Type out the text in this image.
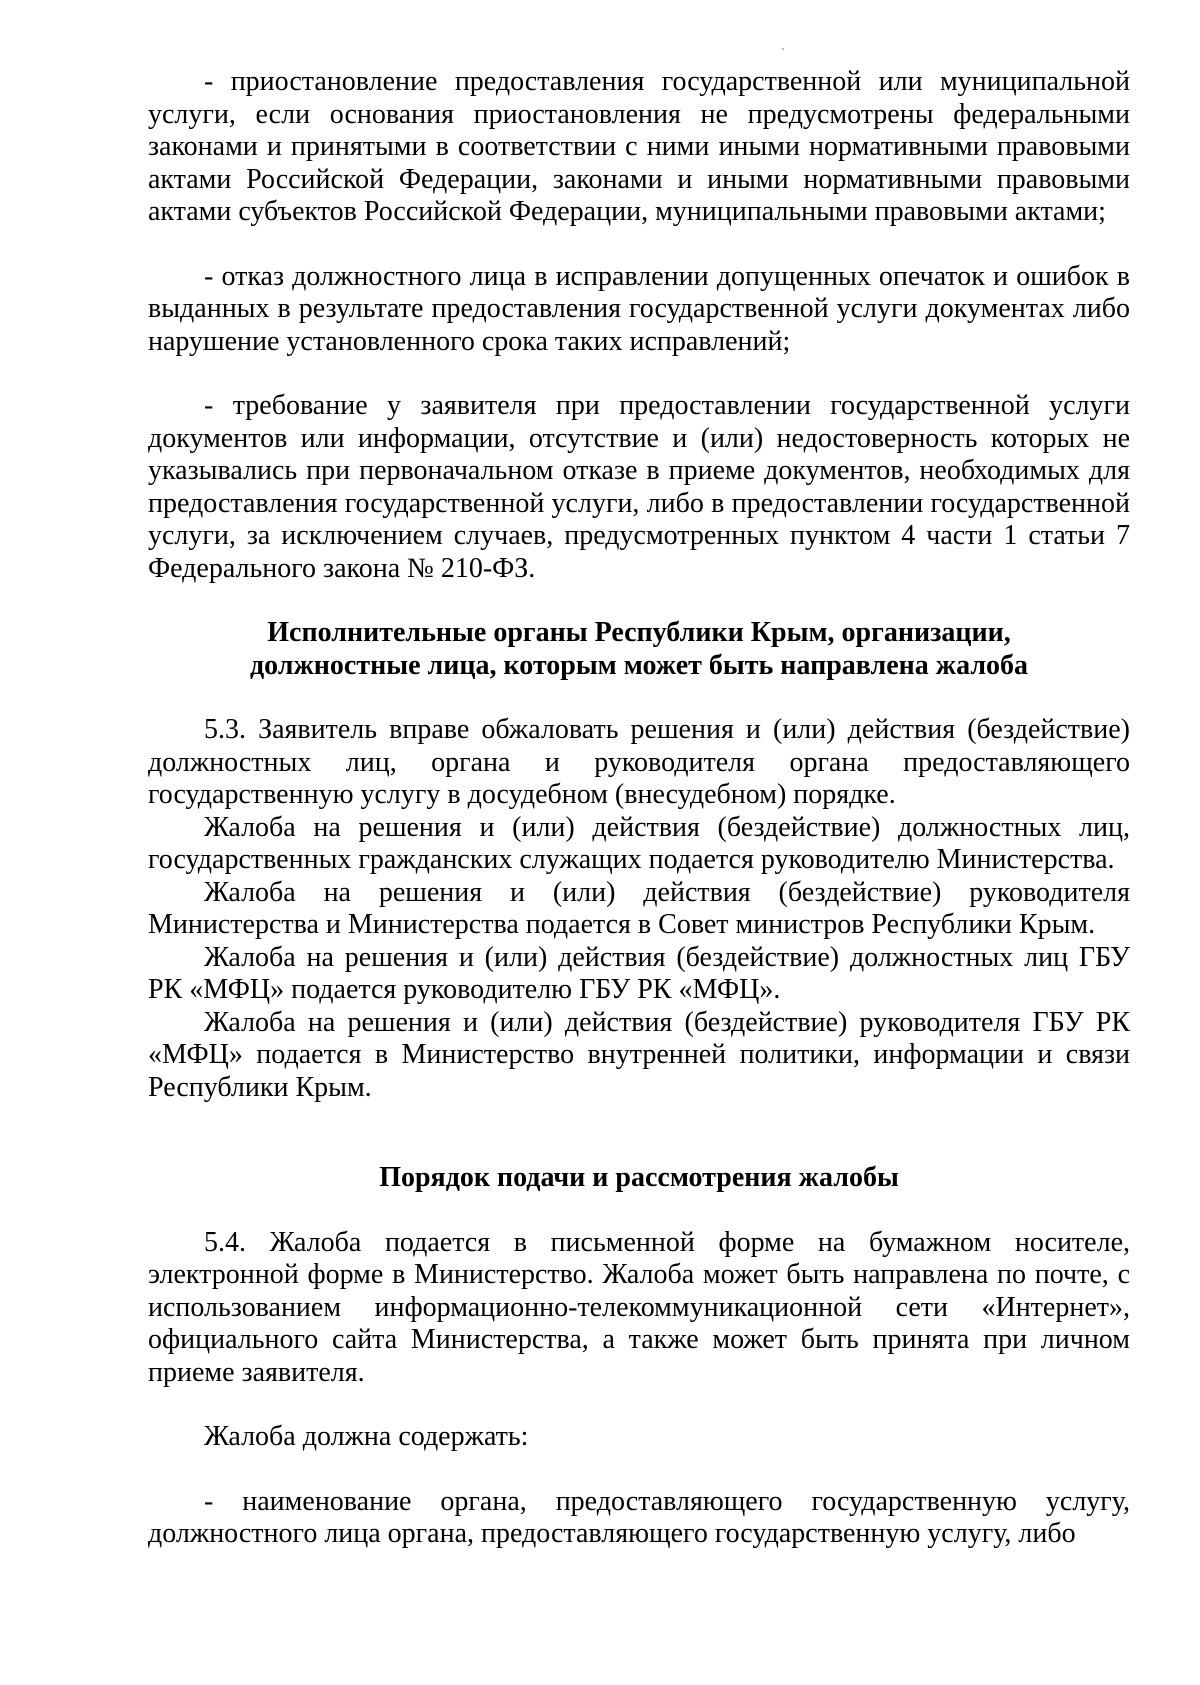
- приостановление предоставления государственной или муниципальной услуги, если основания приостановления не предусмотрены федеральными законами и принятыми в соответствии с ними иными нормативными правовыми актами Российской Федерации, законами и иными нормативными правовыми актами субъектов Российской Федерации, муниципальными правовыми актами;

- отказ должностного лица в исправлении допущенных опечаток и ошибок в выданных в результате предоставления государственной услуги документах либо нарушение установленного срока таких исправлений;

- требование у заявителя при предоставлении государственной услуги документов или информации, отсутствие и (или) недостоверность которых не указывались при первоначальном отказе в приеме документов, необходимых для предоставления государственной услуги, либо в предоставлении государственной услуги, за исключением случаев, предусмотренных пунктом 4 части 1 статьи 7 Федерального закона № 210-ФЗ.

Исполнительные органы Республики Крым, организации,
должностные лица, которым может быть направлена жалоба

5.3. Заявитель вправе обжаловать решения и (или) действия (бездействие) должностных лиц, органа и руководителя органа предоставляющего государственную услугу в досудебном (внесудебном) порядке.

Жалоба на решения и (или) действия (бездействие) должностных лиц, государственных гражданских служащих подается руководителю Министерства.

Жалоба на решения и (или) действия (бездействие) руководителя Министерства и Министерства подается в Совет министров Республики Крым.

Жалоба на решения и (или) действия (бездействие) должностных лиц ГБУ РК «МФЦ» подается руководителю ГБУ РК «МФЦ».

Жалоба на решения и (или) действия (бездействие) руководителя ГБУ РК «МФЦ» подается в Министерство внутренней политики, информации и связи Республики Крым.

Порядок подачи и рассмотрения жалобы

5.4. Жалоба подается в письменной форме на бумажном носителе, электронной форме в Министерство. Жалоба может быть направлена по почте, с использованием информационно-телекоммуникационной сети «Интернет», официального сайта Министерства, а также может быть принята при личном приеме заявителя.

Жалоба должна содержать:

- наименование органа, предоставляющего государственную услугу, должностного лица органа, предоставляющего государственную услугу, либо
